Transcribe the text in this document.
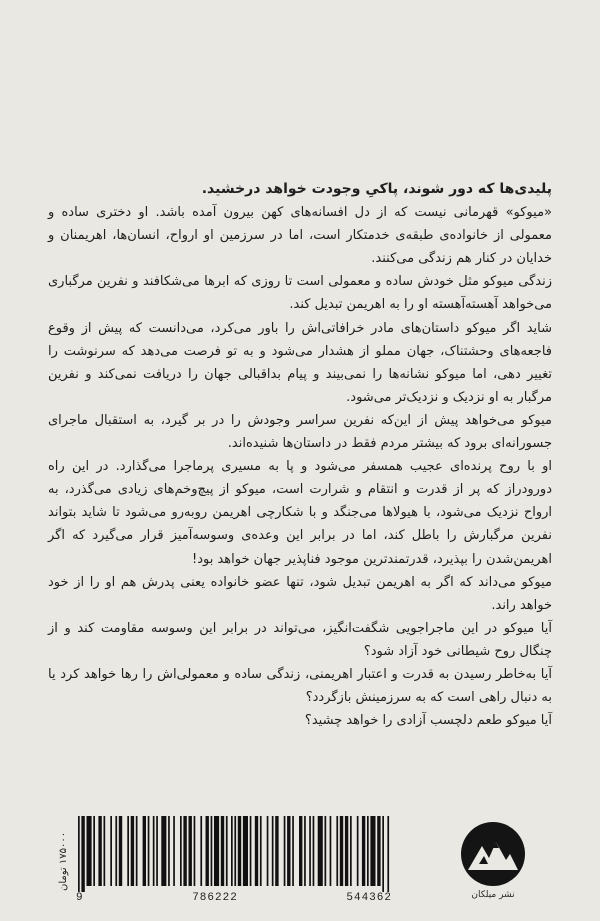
پلیدی‌ها که دور شوند، پاکیِ وجودت خواهد درخشید.

«میوکو» قهرمانی نیست که از دل افسانه‌های کهن بیرون آمده باشد. او دختری ساده و معمولی از خانواده‌ی طبقه‌ی خدمتکار است، اما در سرزمین او ارواح، انسان‌ها، اهریمنان و خدایان در کنار هم زندگی می‌کنند.

زندگی میوکو مثل خودش ساده و معمولی است تا روزی که ابرها می‌شکافند و نفرین مرگباری می‌خواهد آهسته‌آهسته او را به اهریمن تبدیل کند.

شاید اگر میوکو داستان‌های مادر خرافاتی‌اش را باور می‌کرد، می‌دانست که پیش از وقوع فاجعه‌های وحشتناک، جهان مملو از هشدار می‌شود و به تو فرصت می‌دهد که سرنوشت را تغییر دهی، اما میوکو نشانه‌ها را نمی‌بیند و پیام بداقبالی جهان را دریافت نمی‌کند و نفرین مرگبار به او نزدیک و نزدیک‌تر می‌شود.

میوکو می‌خواهد پیش از این‌که نفرین سراسر وجودش را در بر گیرد، به استقبال ماجرای جسورانه‌ای برود که بیشتر مردم فقط در داستان‌ها شنیده‌اند.

او با روح پرنده‌ای عجیب همسفر می‌شود و پا به مسیری پرماجرا می‌گذارد. در این راه دورودراز که پر از قدرت و انتقام و شرارت است، میوکو از پیچ‌وخم‌های زیادی می‌گذرد، به ارواح نزدیک می‌شود، با هیولاها می‌جنگد و با شکارچی اهریمن روبه‌رو می‌شود تا شاید بتواند نفرین مرگبارش را باطل کند، اما در برابر این وعده‌ی وسوسه‌آمیز قرار می‌گیرد که اگر اهریمن‌شدن را بپذیرد، قدرتمندترین موجود فناپذیر جهان خواهد بود!

میوکو می‌داند که اگر به اهریمن تبدیل شود، تنها عضو خانواده یعنی پدرش هم او را از خود خواهد راند.

آیا میوکو در این ماجراجویی شگفت‌انگیز، می‌تواند در برابر این وسوسه مقاومت کند و از چنگال روح شیطانی خود آزاد شود؟

آیا به‌خاطر رسیدن به قدرت و اعتبار اهریمنی، زندگی ساده و معمولی‌اش را رها خواهد کرد یا به دنبال راهی است که به سرزمینش بازگردد؟

آیا میوکو طعم دلچسب آزادی را خواهد چشید؟

۱۷۵۰۰۰ تومان
9	786222	544362	نشر میلکان
